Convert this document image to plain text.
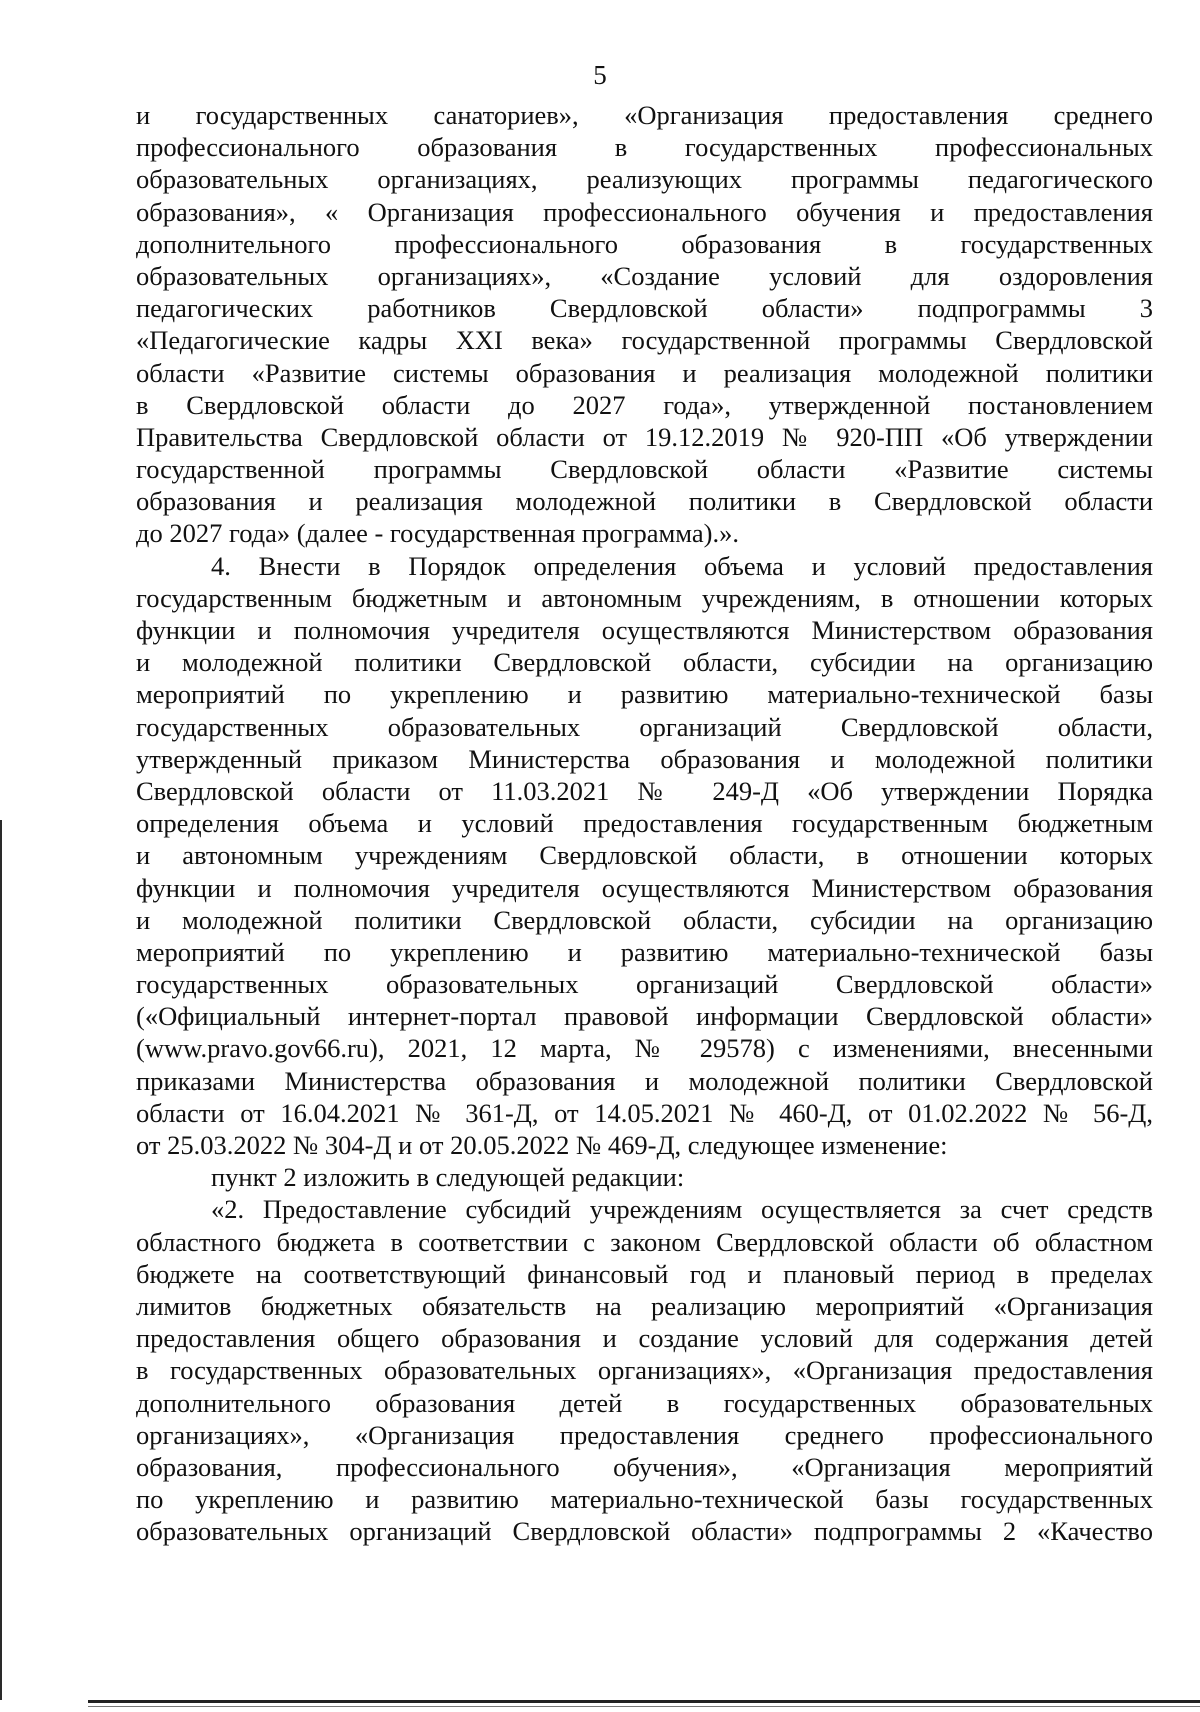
5
и государственных санаториев», «Организация предоставления среднего
профессионального образования в государственных профессиональных
образовательных организациях, реализующих программы педагогического
образования», « Организация профессионального обучения и предоставления
дополнительного профессионального образования в государственных
образовательных организациях», «Создание условий для оздоровления
педагогических работников Свердловской области» подпрограммы 3
«Педагогические кадры XXI века» государственной программы Свердловской
области «Развитие системы образования и реализация молодежной политики
в Свердловской области до 2027 года», утвержденной постановлением
Правительства Свердловской области от 19.12.2019 № 920-ПП «Об утверждении
государственной программы Свердловской области «Развитие системы
образования и реализация молодежной политики в Свердловской области
до 2027 года» (далее - государственная программа).».
4. Внести в Порядок определения объема и условий предоставления
государственным бюджетным и автономным учреждениям, в отношении которых
функции и полномочия учредителя осуществляются Министерством образования
и молодежной политики Свердловской области, субсидии на организацию
мероприятий по укреплению и развитию материально-технической базы
государственных образовательных организаций Свердловской области,
утвержденный приказом Министерства образования и молодежной политики
Свердловской области от 11.03.2021 № 249-Д «Об утверждении Порядка
определения объема и условий предоставления государственным бюджетным
и автономным учреждениям Свердловской области, в отношении которых
функции и полномочия учредителя осуществляются Министерством образования
и молодежной политики Свердловской области, субсидии на организацию
мероприятий по укреплению и развитию материально-технической базы
государственных образовательных организаций Свердловской области»
(«Официальный интернет-портал правовой информации Свердловской области»
(www.pravo.gov66.ru), 2021, 12 марта, № 29578) с изменениями, внесенными
приказами Министерства образования и молодежной политики Свердловской
области от 16.04.2021 № 361-Д, от 14.05.2021 № 460-Д, от 01.02.2022 № 56-Д,
от 25.03.2022 № 304-Д и от 20.05.2022 № 469-Д, следующее изменение:
пункт 2 изложить в следующей редакции:
«2. Предоставление субсидий учреждениям осуществляется за счет средств
областного бюджета в соответствии с законом Свердловской области об областном
бюджете на соответствующий финансовый год и плановый период в пределах
лимитов бюджетных обязательств на реализацию мероприятий «Организация
предоставления общего образования и создание условий для содержания детей
в государственных образовательных организациях», «Организация предоставления
дополнительного образования детей в государственных образовательных
организациях», «Организация предоставления среднего профессионального
образования, профессионального обучения», «Организация мероприятий
по укреплению и развитию материально-технической базы государственных
образовательных организаций Свердловской области» подпрограммы 2 «Качество
